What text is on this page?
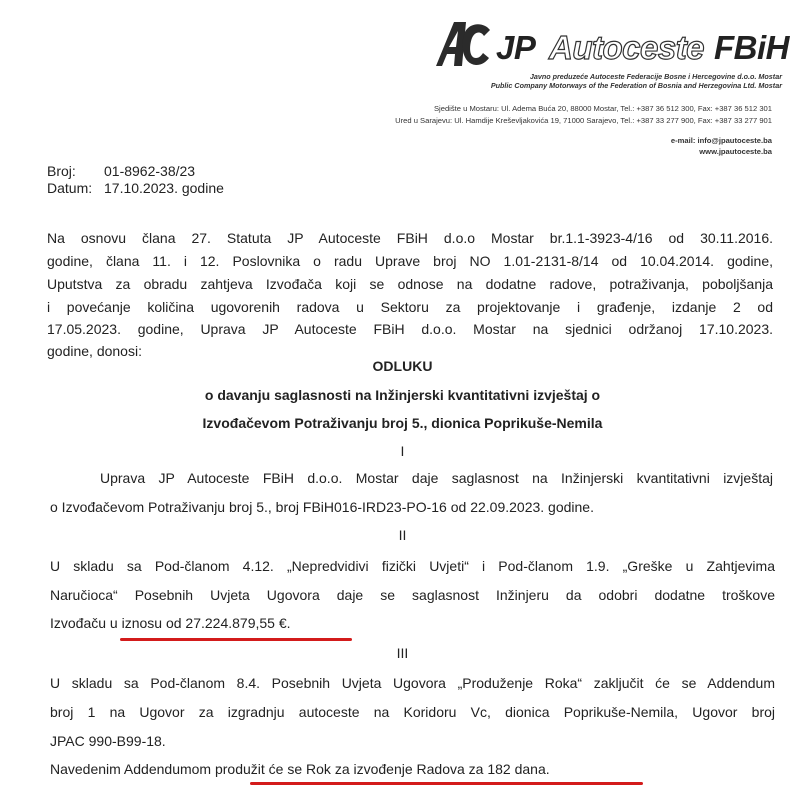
JP Autoceste FBiH
Javno preduzeće Autoceste Federacije Bosne i Hercegovine d.o.o. Mostar
Public Company Motorways of the Federation of Bosnia and Herzegovina Ltd. Mostar
Sjedište u Mostaru: Ul. Adema Buća 20, 88000 Mostar, Tel.: +387 36 512 300, Fax: +387 36 512 301
Ured u Sarajevu: Ul. Hamdije Kreševljakovića 19, 71000 Sarajevo, Tel.: +387 33 277 900, Fax: +387 33 277 901
e-mail: info@jpautoceste.ba
www.jpautoceste.ba
Broj: 01-8962-38/23
Datum: 17.10.2023. godine
Na osnovu člana 27. Statuta JP Autoceste FBiH d.o.o Mostar br.1.1-3923-4/16 od 30.11.2016.
godine, člana 11. i 12. Poslovnika o radu Uprave broj NO 1.01-2131-8/14 od 10.04.2014. godine,
Uputstva za obradu zahtjeva Izvođača koji se odnose na dodatne radove, potraživanja, poboljšanja
i povećanje količina ugovorenih radova u Sektoru za projektovanje i građenje, izdanje 2 od
17.05.2023. godine, Uprava JP Autoceste FBiH d.o.o. Mostar na sjednici održanoj 17.10.2023.
godine, donosi:
ODLUKU
o davanju saglasnosti na Inžinjerski kvantitativni izvještaj o
Izvođačevom Potraživanju broj 5., dionica Poprikuše-Nemila
I
Uprava JP Autoceste FBiH d.o.o. Mostar daje saglasnost na Inžinjerski kvantitativni izvještaj
o Izvođačevom Potraživanju broj 5., broj FBiH016-IRD23-PO-16 od 22.09.2023. godine.
II
U skladu sa Pod-članom 4.12. „Nepredvidivi fizički Uvjeti“ i Pod-članom 1.9. „Greške u Zahtjevima
Naručioca“ Posebnih Uvjeta Ugovora daje se saglasnost Inžinjeru da odobri dodatne troškove
Izvođaču u iznosu od 27.224.879,55 €.
III
U skladu sa Pod-članom 8.4. Posebnih Uvjeta Ugovora „Produženje Roka“ zaključit će se Addendum
broj 1 na Ugovor za izgradnju autoceste na Koridoru Vc, dionica Poprikuše-Nemila, Ugovor broj
JPAC 990-B99-18.
Navedenim Addendumom produžit će se Rok za izvođenje Radova za 182 dana.
